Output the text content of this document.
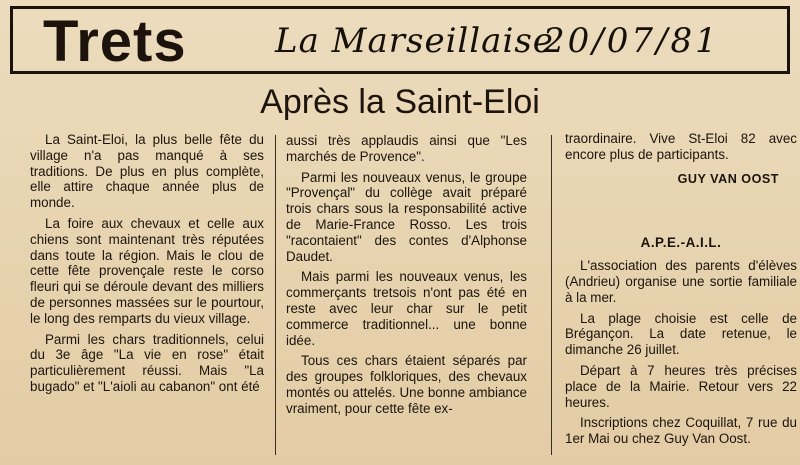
Trets	La Marseillaise
20/07/81
Après la Saint-Eloi

La Saint-Eloi, la plus belle fête du village n'a pas manqué à ses traditions. De plus en plus complète, elle attire chaque année plus de monde.

La foire aux chevaux et celle aux chiens sont maintenant très réputées dans toute la région. Mais le clou de cette fête provençale reste le corso fleuri qui se déroule devant des milliers de personnes massées sur le pourtour, le long des remparts du vieux village.

Parmi les chars traditionnels, celui du 3e âge "La vie en rose" était particulièrement réussi. Mais "La bugado" et "L'aioli au cabanon" ont été

aussi très applaudis ainsi que "Les marchés de Provence".

Parmi les nouveaux venus, le groupe "Provençal" du collège avait préparé trois chars sous la responsabilité active de Marie-France Rosso. Les trois "racontaient" des contes d'Alphonse Daudet.

Mais parmi les nouveaux venus, les commerçants tretsois n'ont pas été en reste avec leur char sur le petit commerce traditionnel... une bonne idée.

Tous ces chars étaient séparés par des groupes folkloriques, des chevaux montés ou attelés. Une bonne ambiance vraiment, pour cette fête ex-

traordinaire. Vive St-Eloi 82 avec encore plus de participants.

GUY VAN OOST
A.P.E.-A.I.L.

L'association des parents d'élèves (Andrieu) organise une sortie familiale à la mer.

La plage choisie est celle de Brégançon. La date retenue, le dimanche 26 juillet.

Départ à 7 heures très précises place de la Mairie. Retour vers 22 heures.

Inscriptions chez Coquillat, 7 rue du 1er Mai ou chez Guy Van Oost.
